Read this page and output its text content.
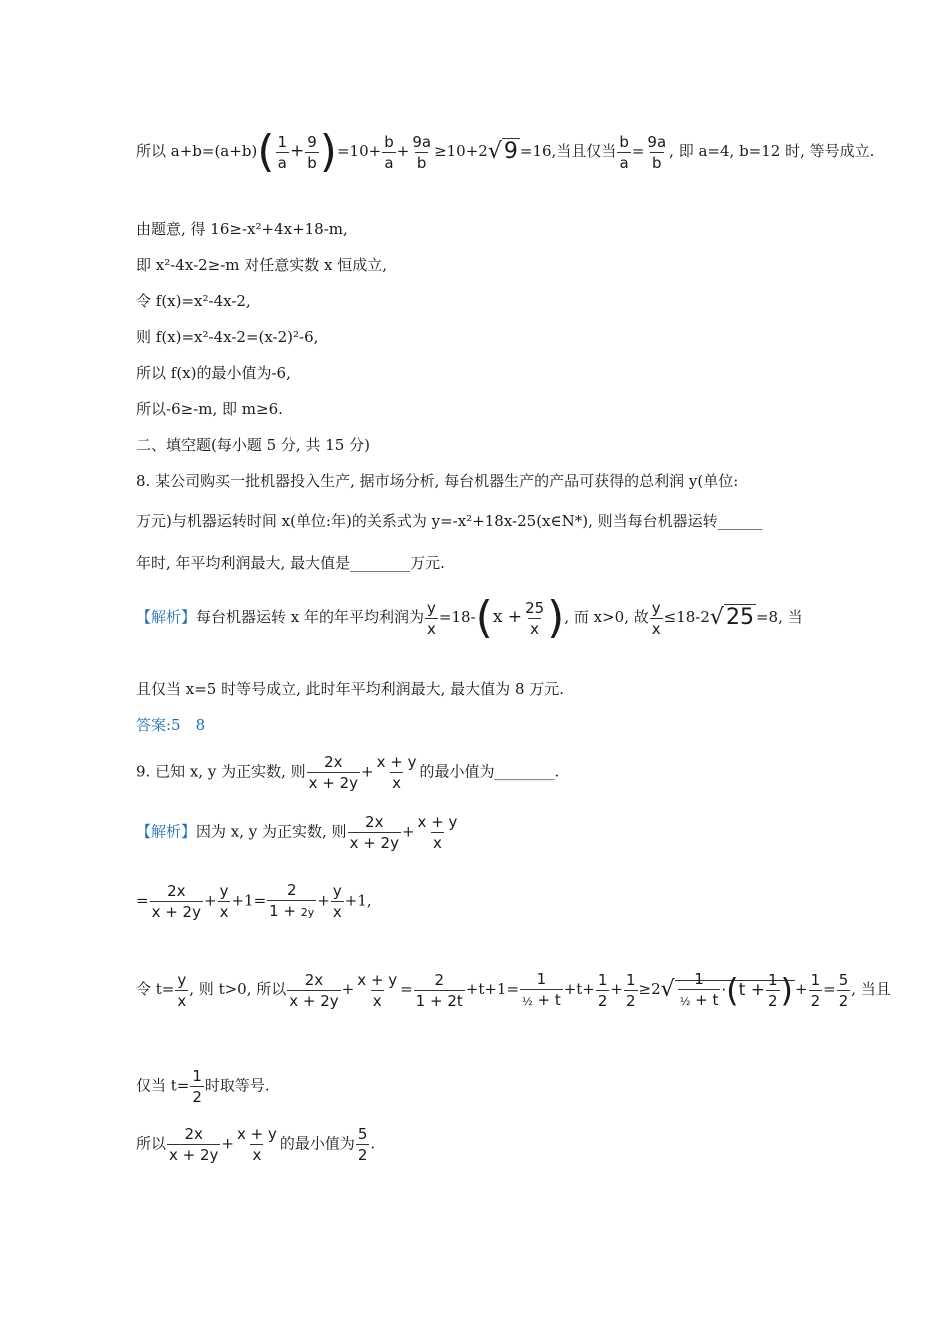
所以 $a+b=(a+b)( \frac{1}{a} + \frac{9}{b} )=10+ \frac{b}{a} + \frac{9a}{b} \ge 10+2√9 =16$,当且仅当 $\frac{b}{a} = \frac{9a}{b}$ , 即 a=4, b=12 时, 等号成立.
由题意, 得 16≥-x²+4x+18-m,
即 x²-4x-2≥-m 对任意实数 x 恒成立,
令 f(x)=x²-4x-2,
则 f(x)=x²-4x-2=(x-2)²-6,
所以 f(x)的最小值为-6,
所以-6≥-m, 即 m≥6.
二、填空题(每小题 5 分, 共 15 分)
8. 某公司购买一批机器投入生产, 据市场分析, 每台机器生产的产品可获得的总利润 y(单位:
万元)与机器运转时间 x(单位:年)的关系式为 y=-x²+18x-25(x∈N*), 则当每台机器运转______
年时, 年平均利润最大, 最大值是________万元.
【解析】每台机器运转 x 年的年平均利润为 $\frac{y}{x} =18-(x + \frac{25}{x}$ ), 而 x>0, 故 $\frac{y}{x} \le 18-2√25 =8$, 当
且仅当 x=5 时等号成立, 此时年平均利润最大, 最大值为 8 万元.
答案:5　8
9. 已知 x, y 为正实数, 则 $\frac{2x}{x + 2y} + \frac{x + y}{x}$ 的最小值为________.
【解析】因为 x, y 为正实数, 则 $\frac{2x}{x + 2y} + \frac{x + y}{x}$
= $\frac{2x}{x + 2y} + \frac{y}{x} +1= \frac{2}{1 + 2y} + \frac{y}{x} +1$,
令 $t= \frac{y}{x}$ , 则 t>0, 所以 $\frac{2x}{x + 2y} + \frac{x + y}{x} = \frac{2}{1 + 2t} +t+1= \frac{1}{\text{½ + t}} +t+ \frac{1}{2} + \frac{1}{2} \ge 2√ \frac{1}{\text{½ + t}} \cdot(t + \frac{1}{2}$ ) + $\frac{1}{2} = \frac{5}{2}$ , 当且
仅当 $t= \frac{1}{2}$ 时取等号.
所以 $\frac{2x}{x + 2y} + \frac{x + y}{x}$ 的最小值为 $\frac{5}{2}$ .
